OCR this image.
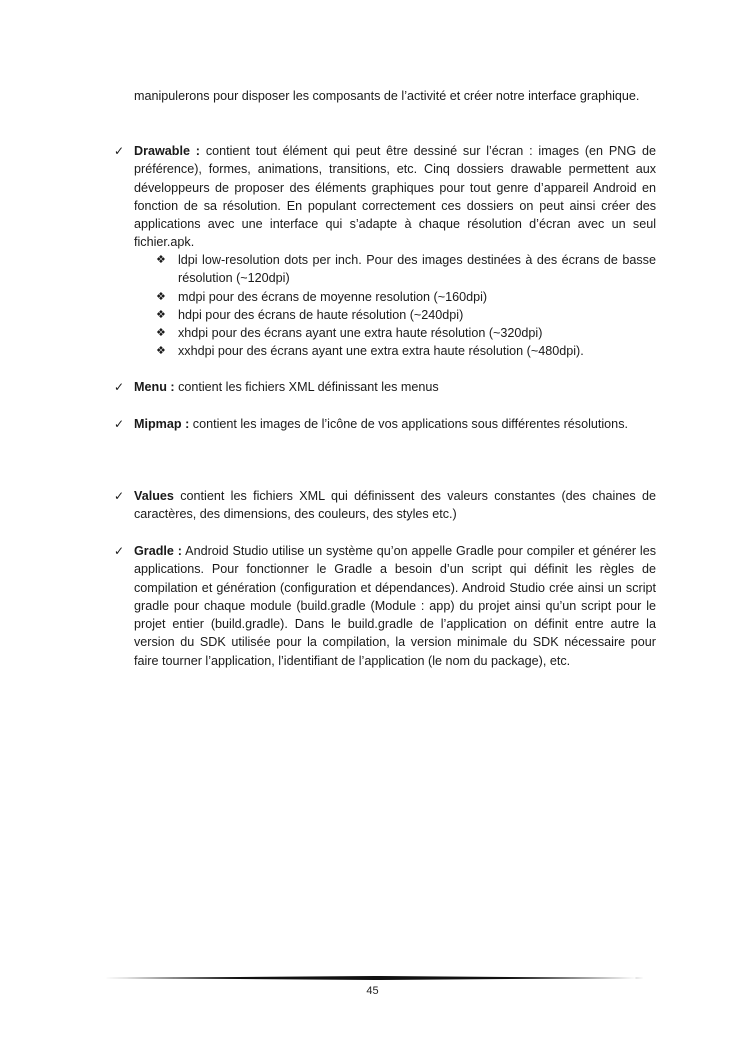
manipulerons pour disposer les composants de l’activité et créer notre interface graphique.

✓ Drawable : contient tout élément qui peut être dessiné sur l’écran : images (en PNG de préférence), formes, animations, transitions, etc. Cinq dossiers drawable permettent aux développeurs de proposer des éléments graphiques pour tout genre d’appareil Android en fonction de sa résolution. En populant correctement ces dossiers on peut ainsi créer des applications avec une interface qui s’adapte à chaque résolution d’écran avec un seul fichier.apk.

❖ ldpi low-resolution dots per inch. Pour des images destinées à des écrans de basse résolution (~120dpi)
❖ mdpi pour des écrans de moyenne resolution (~160dpi)
❖ hdpi pour des écrans de haute résolution (~240dpi)
❖ xhdpi pour des écrans ayant une extra haute résolution (~320dpi)
❖ xxhdpi pour des écrans ayant une extra extra haute résolution (~480dpi).
✓ Menu : contient les fichiers XML définissant les menus

✓ Mipmap : contient les images de l’icône de vos applications sous différentes résolutions.

✓ Values contient les fichiers XML qui définissent des valeurs constantes (des chaines de caractères, des dimensions, des couleurs, des styles etc.)

✓ Gradle : Android Studio utilise un système qu’on appelle Gradle pour compiler et générer les applications. Pour fonctionner le Gradle a besoin d’un script qui définit les règles de compilation et génération (configuration et dépendances). Android Studio crée ainsi un script gradle pour chaque module (build.gradle (Module : app) du projet ainsi qu’un script pour le projet entier (build.gradle). Dans le build.gradle de l’application on définit entre autre la version du SDK utilisée pour la compilation, la version minimale du SDK nécessaire pour faire tourner l’application, l’identifiant de l’application (le nom du package), etc.

45
